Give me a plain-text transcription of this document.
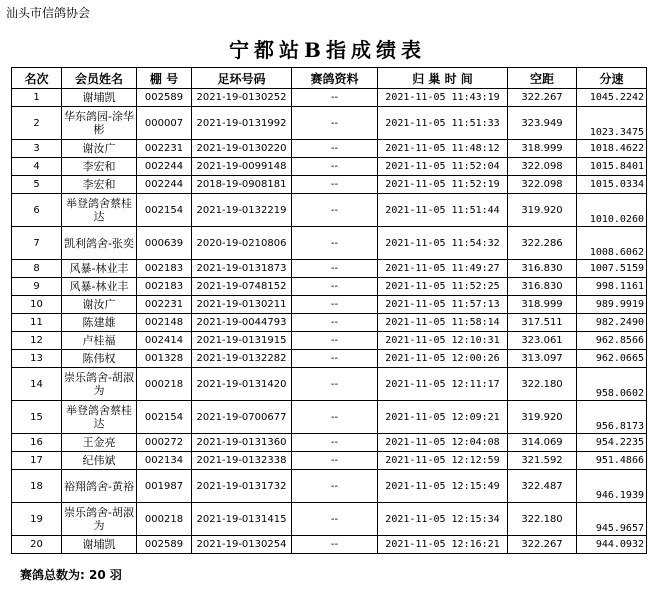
汕头市信鸽协会
宁都站B指成绩表
名次	会员姓名	棚 号	足环号码	赛鸽资料	归 巢 时 间	空距	分速
1	谢埔凯	002589	2021-19-0130252	--	2021-11-05 11:43:19	322.267	1045.2242
2	华东鸽园-涂华彬	000007	2021-19-0131992	--	2021-11-05 11:51:33	323.949	1023.3475
3	谢汝广	002231	2021-19-0130220	--	2021-11-05 11:48:12	318.999	1018.4622
4	李宏和	002244	2021-19-0099148	--	2021-11-05 11:52:04	322.098	1015.8401
5	李宏和	002244	2018-19-0908181	--	2021-11-05 11:52:19	322.098	1015.0334
6	举登鸽舍蔡桂达	002154	2021-19-0132219	--	2021-11-05 11:51:44	319.920	1010.0260
7	凯利鸽舍-张奕	000639	2020-19-0210806	--	2021-11-05 11:54:32	322.286	1008.6062
8	风暴-林业丰	002183	2021-19-0131873	--	2021-11-05 11:49:27	316.830	1007.5159
9	风暴-林业丰	002183	2021-19-0748152	--	2021-11-05 11:52:25	316.830	998.1161
10	谢汝广	002231	2021-19-0130211	--	2021-11-05 11:57:13	318.999	989.9919
11	陈建雄	002148	2021-19-0044793	--	2021-11-05 11:58:14	317.511	982.2490
12	卢桂福	002414	2021-19-0131915	--	2021-11-05 12:10:31	323.061	962.8566
13	陈伟权	001328	2021-19-0132282	--	2021-11-05 12:00:26	313.097	962.0665
14	崇乐鸽舍-胡淑为	000218	2021-19-0131420	--	2021-11-05 12:11:17	322.180	958.0602
15	举登鸽舍蔡桂达	002154	2021-19-0700677	--	2021-11-05 12:09:21	319.920	956.8173
16	王金亮	000272	2021-19-0131360	--	2021-11-05 12:04:08	314.069	954.2235
17	纪伟斌	002134	2021-19-0132338	--	2021-11-05 12:12:59	321.592	951.4866
18	裕翔鸽舍-黄裕	001987	2021-19-0131732	--	2021-11-05 12:15:49	322.487	946.1939
19	崇乐鸽舍-胡淑为	000218	2021-19-0131415	--	2021-11-05 12:15:34	322.180	945.9657
20	谢埔凯	002589	2021-19-0130254	--	2021-11-05 12:16:21	322.267	944.0932
赛鸽总数为: 20 羽
